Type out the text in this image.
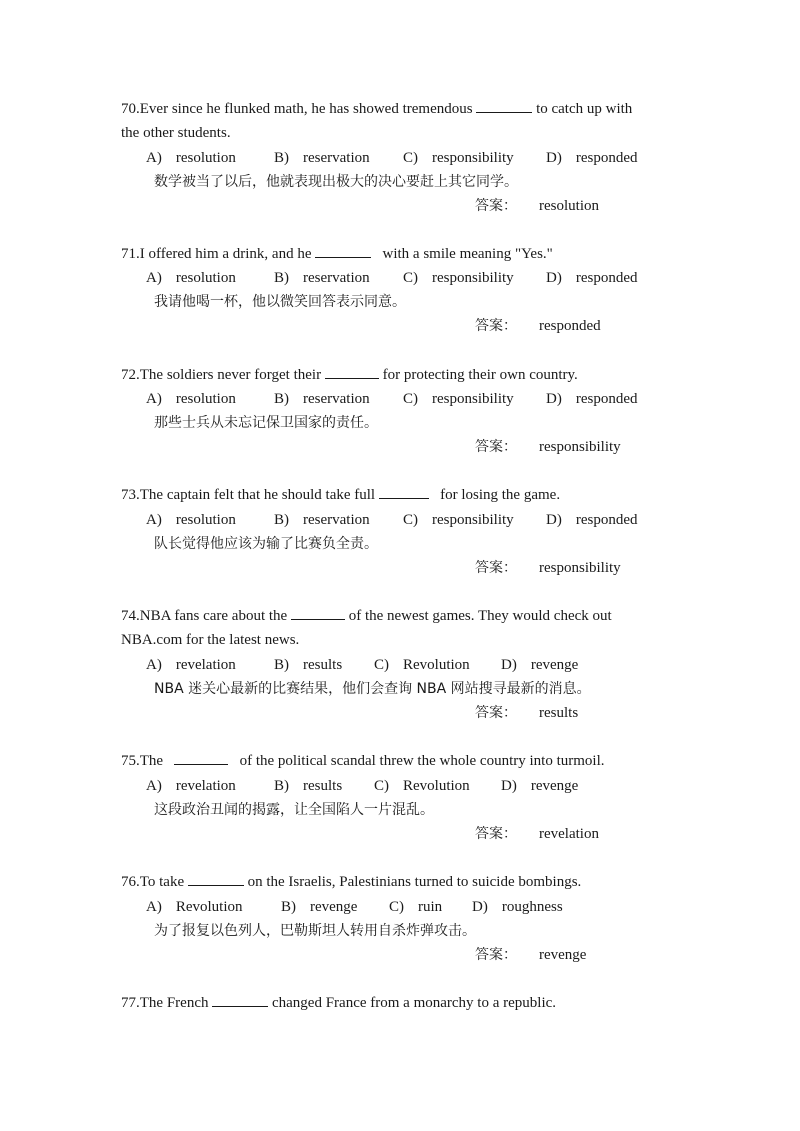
70.Ever since he flunked math, he has showed tremendous	to catch up with
the other students.
A) resolution	B) reservation C) responsibility D) responded
数学被当了以后，他就表现出极大的决心要赶上其它同学。
答案： resolution
71.I offered him a drink, and he	with a smile meaning "Yes."
A) resolution	B) reservation C) responsibility D) responded
我请他喝一杯，他以微笑回答表示同意。
答案： responded
72.The soldiers never forget their	for protecting their own country.
A) resolution	B) reservation C) responsibility D) responded
那些士兵从未忘记保卫国家的责任。
答案： responsibility
73.The captain felt that he should take full	for losing the game.
A) resolution	B) reservation C) responsibility D) responded
队长觉得他应该为输了比赛负全责。
答案： responsibility
74.NBA fans care about the	of the newest games. They would check out
NBA.com for the latest news.
A) revelation	B) results C) Revolution D) revenge
NBA 迷关心最新的比赛结果，他们会查询 NBA 网站搜寻最新的消息。
答案： results
75.The	of the political scandal threw the whole country into turmoil.
A) revelation	B) results C) Revolution D) revenge
这段政治丑闻的揭露，让全国陷人一片混乱。
答案： revelation
76.To take	on the Israelis, Palestinians turned to suicide bombings.
A) Revolution	B) revenge C) ruin D) roughness
为了报复以色列人，巴勒斯坦人转用自杀炸弹攻击。
答案： revenge
77.The French	changed France from a monarchy to a republic.
